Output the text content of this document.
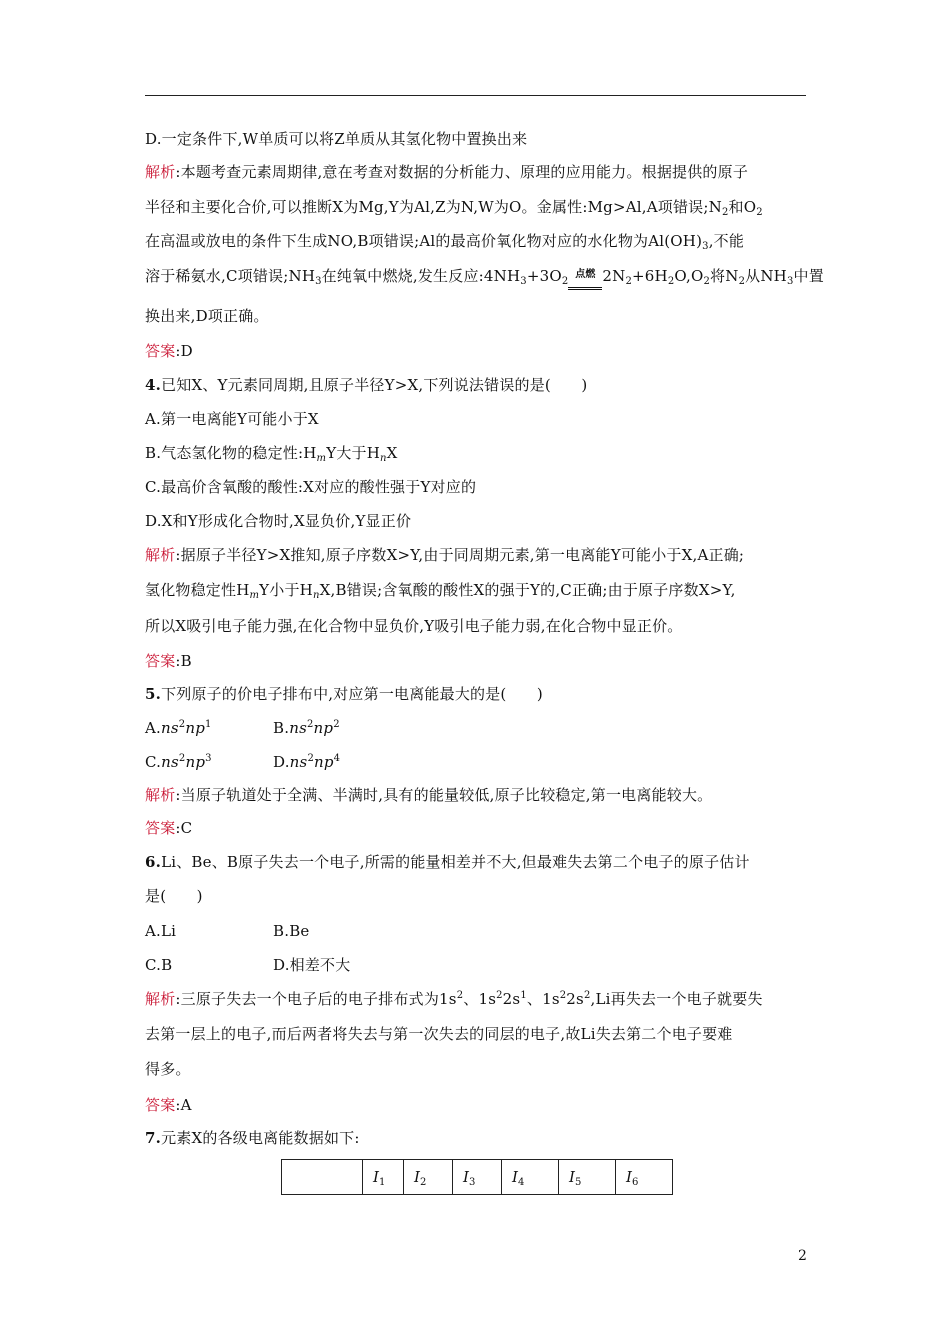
D.一定条件下,W单质可以将Z单质从其氢化物中置换出来
解析:本题考查元素周期律,意在考查对数据的分析能力、原理的应用能力。根据提供的原子
半径和主要化合价,可以推断X为Mg,Y为Al,Z为N,W为O。金属性:Mg>Al,A项错误$;N_2$和$O_2$
在高温或放电的条件下生成NO,B项错误;Al的最高价氧化物对应的水化物为$Al(OH)_3$,不能
溶于稀氨水,C项错误$;NH_3$在纯氧中燃烧,发生反应$:4NH_3+3O_2$点燃 $2N_2+6H_2O,O_2$将$N_2$从$NH_3$中置
换出来,D项正确。
答案:D
4.已知X、Y元素同周期,且原子半径Y>X,下列说法错误的是(　　)
A.第一电离能Y可能小于X
B.气态氢化物的稳定性$:H_mY$大于$H_nX$
C.最高价含氧酸的酸性:X对应的酸性强于Y对应的
D.X和Y形成化合物时,X显负价,Y显正价
解析:据原子半径Y>X推知,原子序数X>Y,由于同周期元素,第一电离能Y可能小于X,A正确;
氢化物稳定性$H_mY$小于$H_nX,B$错误;含氧酸的酸性X的强于Y的,C正确;由于原子序数X>Y,
所以X吸引电子能力强,在化合物中显负价,Y吸引电子能力弱,在化合物中显正价。
答案:B
5.下列原子的价电子排布中,对应第一电离能最大的是(　　)
$A.ns^2np^1$	$B.ns^2np^2$
$C.ns^2np^3$	$D.ns^2np^4$
解析:当原子轨道处于全满、半满时,具有的能量较低,原子比较稳定,第一电离能较大。
答案:C
6.Li、Be、B原子失去一个电子,所需的能量相差并不大,但最难失去第二个电子的原子估计
是(　　)
A.Li	B.Be
C.B	D.相差不大
解析:三原子失去一个电子后的电子排布式为$1s^2$、$1s^22s^1$、$1s^22s^2,Li$再失去一个电子就要失
去第一层上的电子,而后两者将失去与第一次失去的同层的电子,故Li失去第二个电子要难
得多。
答案:A
7.元素X的各级电离能数据如下:
	$I_1$	$I_2$	$I_3$	$I_4$	$I_5$	$I_6$
2
